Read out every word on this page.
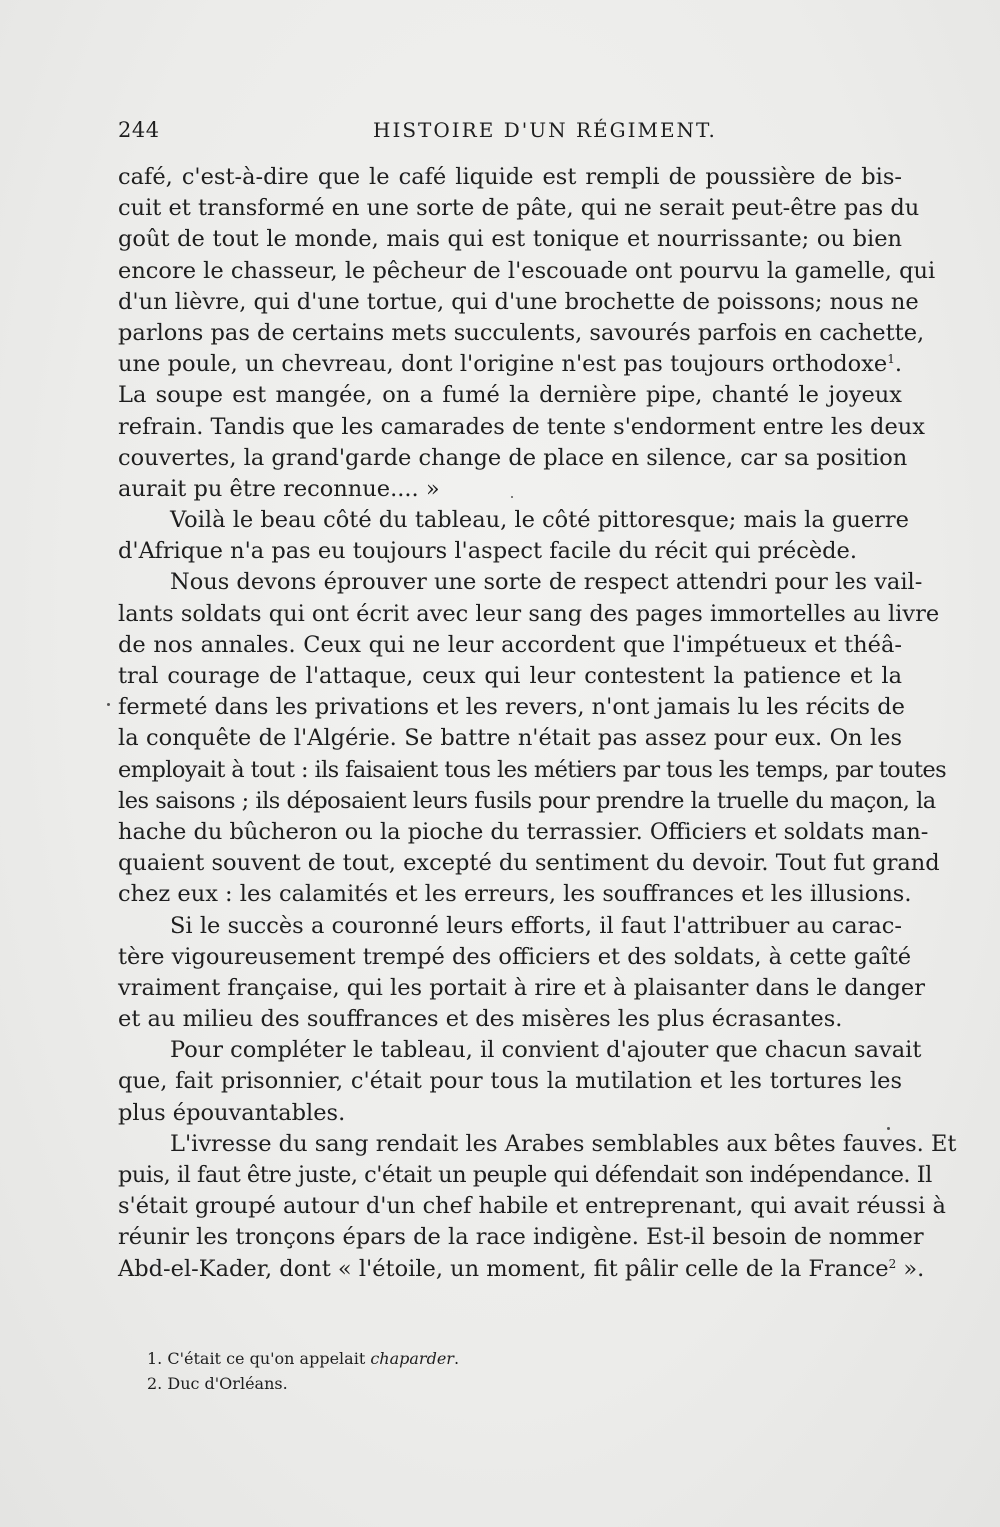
244	HISTOIRE D'UN RÉGIMENT.
café, c'est-à-dire que le café liquide est rempli de poussière de bis-
cuit et transformé en une sorte de pâte, qui ne serait peut-être pas du
goût de tout le monde, mais qui est tonique et nourrissante; ou bien
encore le chasseur, le pêcheur de l'escouade ont pourvu la gamelle, qui
d'un lièvre, qui d'une tortue, qui d'une brochette de poissons; nous ne
parlons pas de certains mets succulents, savourés parfois en cachette,
une poule, un chevreau, dont l'origine n'est pas toujours orthodoxe$^1$.
La soupe est mangée, on a fumé la dernière pipe, chanté le joyeux
refrain. Tandis que les camarades de tente s'endorment entre les deux
couvertes, la grand'garde change de place en silence, car sa position
aurait pu être reconnue.... »
Voilà le beau côté du tableau, le côté pittoresque; mais la guerre
d'Afrique n'a pas eu toujours l'aspect facile du récit qui précède.
Nous devons éprouver une sorte de respect attendri pour les vail-
lants soldats qui ont écrit avec leur sang des pages immortelles au livre
de nos annales. Ceux qui ne leur accordent que l'impétueux et théâ-
tral courage de l'attaque, ceux qui leur contestent la patience et la
fermeté dans les privations et les revers, n'ont jamais lu les récits de
la conquête de l'Algérie. Se battre n'était pas assez pour eux. On les
employait à tout : ils faisaient tous les métiers par tous les temps, par toutes
les saisons ; ils déposaient leurs fusils pour prendre la truelle du maçon, la
hache du bûcheron ou la pioche du terrassier. Officiers et soldats man-
quaient souvent de tout, excepté du sentiment du devoir. Tout fut grand
chez eux : les calamités et les erreurs, les souffrances et les illusions.
Si le succès a couronné leurs efforts, il faut l'attribuer au carac-
tère vigoureusement trempé des officiers et des soldats, à cette gaîté
vraiment française, qui les portait à rire et à plaisanter dans le danger
et au milieu des souffrances et des misères les plus écrasantes.
Pour compléter le tableau, il convient d'ajouter que chacun savait
que, fait prisonnier, c'était pour tous la mutilation et les tortures les
plus épouvantables.
L'ivresse du sang rendait les Arabes semblables aux bêtes fauves. Et
puis, il faut être juste, c'était un peuple qui défendait son indépendance. Il
s'était groupé autour d'un chef habile et entreprenant, qui avait réussi à
réunir les tronçons épars de la race indigène. Est-il besoin de nommer
Abd-el-Kader, dont « l'étoile, un moment, fit pâlir celle de la France$^2$ ».
1. C'était ce qu'on appelait chaparder.
2. Duc d'Orléans.
